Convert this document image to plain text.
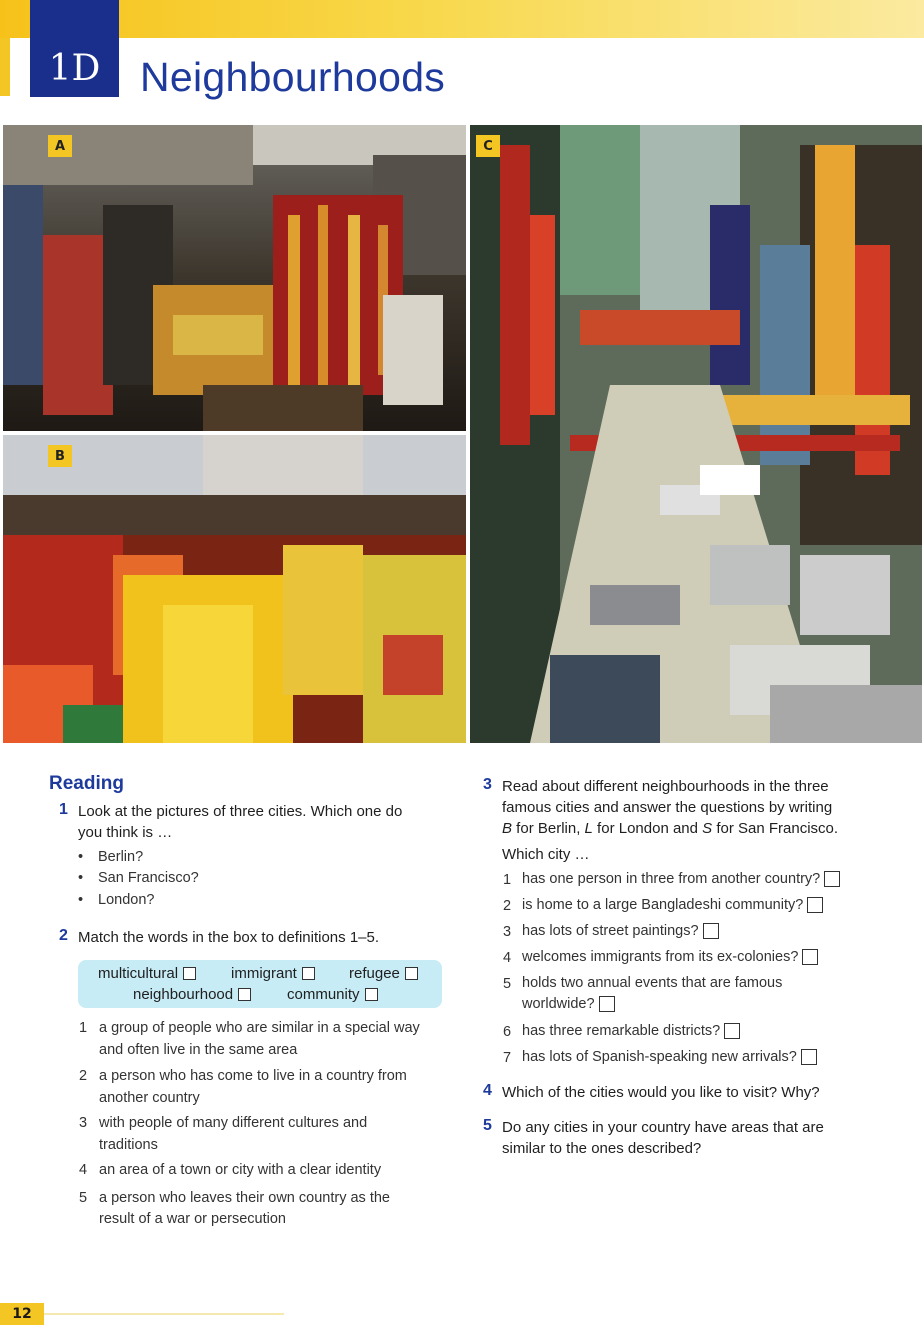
1D Neighbourhoods
A
B
C
Reading
1 Look at the pictures of three cities. Which one do
you think is …
• Berlin?
• San Francisco?
• London?
2 Match the words in the box to definitions 1–5.
multicultural	immigrant	refugee
neighbourhood	community
1 a group of people who are similar in a special way
and often live in the same area
2 a person who has come to live in a country from
another country
3 with people of many different cultures and
traditions
4 an area of a town or city with a clear identity
5 a person who leaves their own country as the
result of a war or persecution
3 Read about different neighbourhoods in the three
famous cities and answer the questions by writing
B for Berlin, L for London and S for San Francisco.
Which city …
1 has one person in three from another country?
2 is home to a large Bangladeshi community?
3 has lots of street paintings?
4 welcomes immigrants from its ex-colonies?
5 holds two annual events that are famous
worldwide?
6 has three remarkable districts?
7 has lots of Spanish-speaking new arrivals?
4 Which of the cities would you like to visit? Why?
5 Do any cities in your country have areas that are
similar to the ones described?
12
